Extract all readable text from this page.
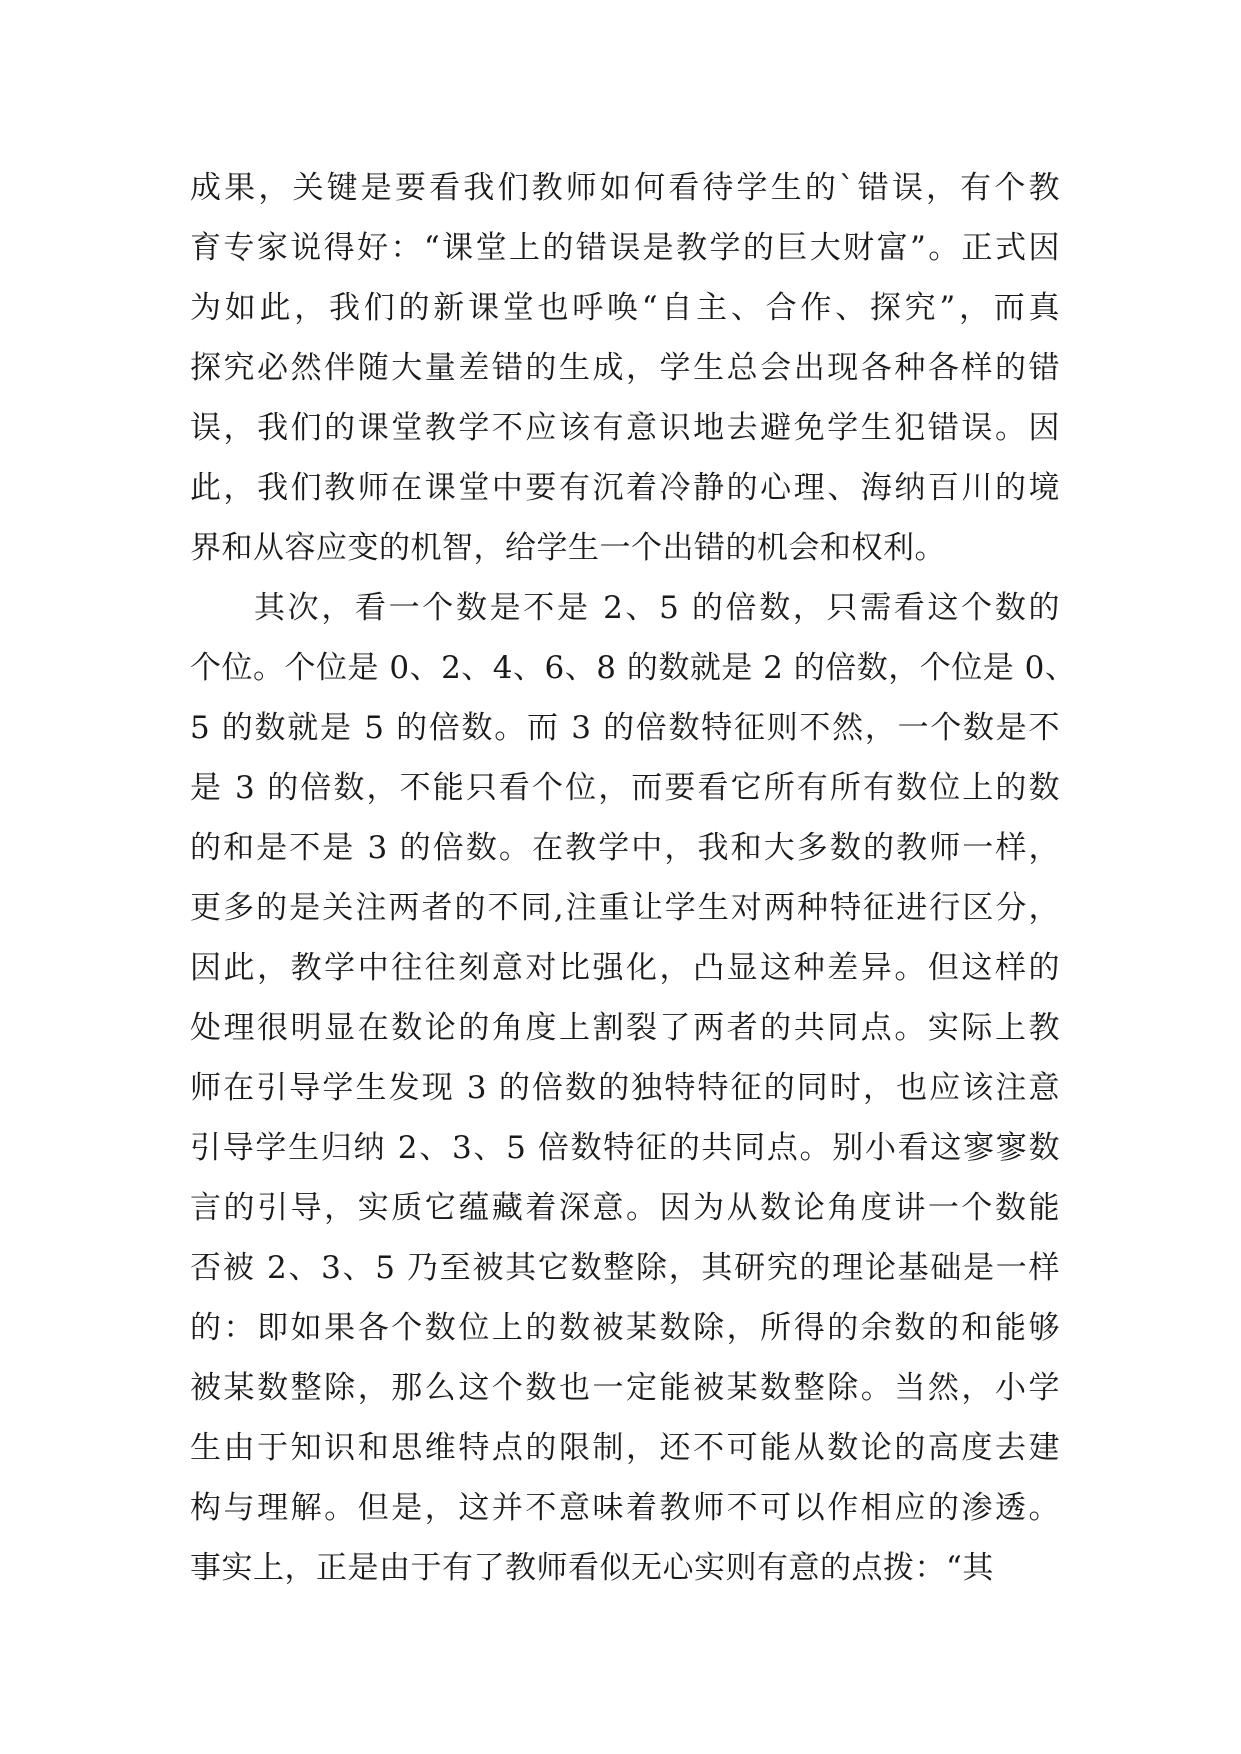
成果，关键是要看我们教师如何看待学生的`错误，有个教
育专家说得好：“课堂上的错误是教学的巨大财富”。正式因
为如此，我们的新课堂也呼唤“自主、合作、探究”，而真
探究必然伴随大量差错的生成，学生总会出现各种各样的错
误，我们的课堂教学不应该有意识地去避免学生犯错误。因
此，我们教师在课堂中要有沉着冷静的心理、海纳百川的境
界和从容应变的机智，给学生一个出错的机会和权利。
其次，看一个数是不是 2、5 的倍数，只需看这个数的
个位。个位是 0、2、4、6、8 的数就是 2 的倍数，个位是 0、
5 的数就是 5 的倍数。而 3 的倍数特征则不然，一个数是不
是 3 的倍数，不能只看个位，而要看它所有所有数位上的数
的和是不是 3 的倍数。在教学中，我和大多数的教师一样，
更多的是关注两者的不同,注重让学生对两种特征进行区分，
因此，教学中往往刻意对比强化，凸显这种差异。但这样的
处理很明显在数论的角度上割裂了两者的共同点。实际上教
师在引导学生发现 3 的倍数的独特特征的同时，也应该注意
引导学生归纳 2、3、5 倍数特征的共同点。别小看这寥寥数
言的引导，实质它蕴藏着深意。因为从数论角度讲一个数能
否被 2、3、5 乃至被其它数整除，其研究的理论基础是一样
的：即如果各个数位上的数被某数除，所得的余数的和能够
被某数整除，那么这个数也一定能被某数整除。当然，小学
生由于知识和思维特点的限制，还不可能从数论的高度去建
构与理解。但是，这并不意味着教师不可以作相应的渗透。
事实上，正是由于有了教师看似无心实则有意的点拨：“其
